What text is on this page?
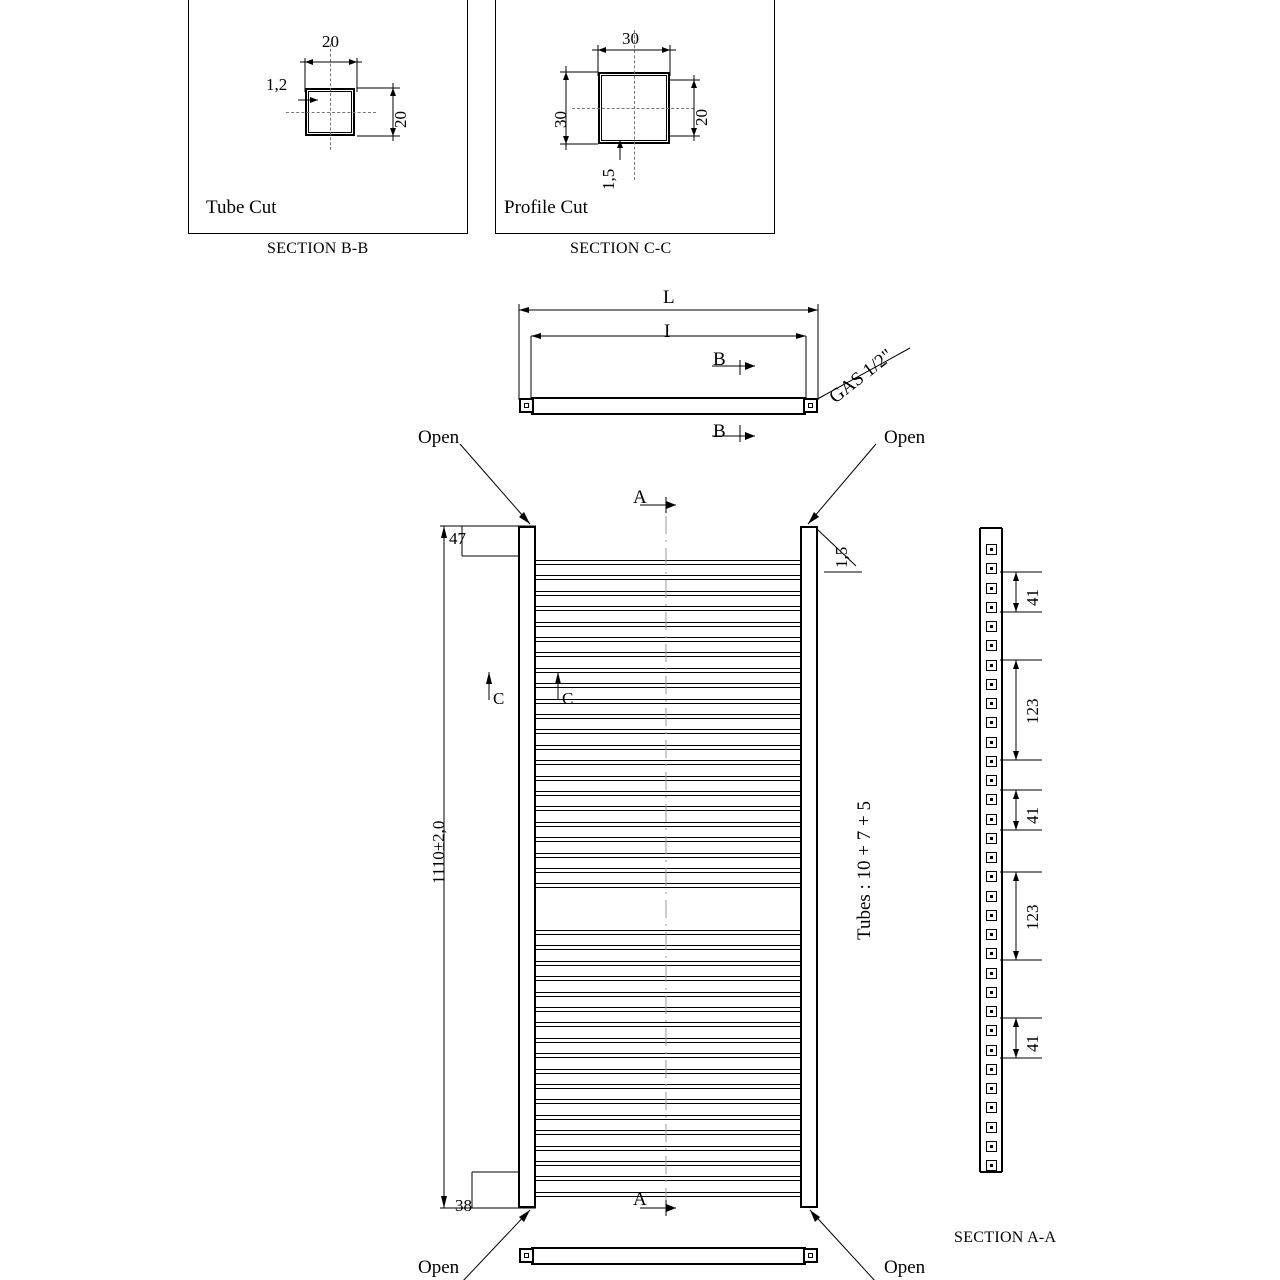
20
20
1,2
Tube Cut
SECTION B-B
30
30	20
1,5
Profile Cut
SECTION C-C
L
I
GAS 1/2"
B
B
47
38
1110±2,0
1,5
Tubes : 10 + 7 + 5
A
A
C	C
Open	Open
Open	Open
SECTION A-A
41
123
41
123
41
